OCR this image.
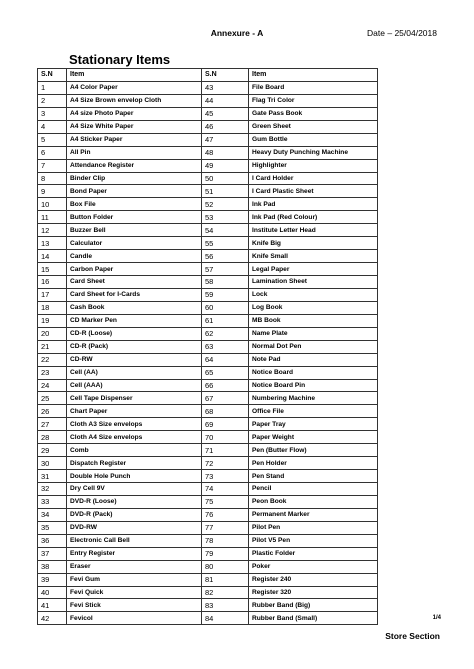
Annexure - A	Date – 25/04/2018
Stationary Items
S.N	Item	S.N	Item
1	A4 Color Paper	43	File Board
2	A4 Size Brown envelop Cloth	44	Flag Tri Color
3	A4 size Photo Paper	45	Gate Pass Book
4	A4 Size White Paper	46	Green Sheet
5	A4 Sticker Paper	47	Gum Bottle
6	All Pin	48	Heavy Duty Punching Machine
7	Attendance Register	49	Highlighter
8	Binder Clip	50	I Card Holder
9	Bond Paper	51	I Card Plastic Sheet
10	Box File	52	Ink Pad
11	Button Folder	53	Ink Pad (Red Colour)
12	Buzzer Bell	54	Institute Letter Head
13	Calculator	55	Knife Big
14	Candle	56	Knife Small
15	Carbon Paper	57	Legal Paper
16	Card Sheet	58	Lamination Sheet
17	Card Sheet for I-Cards	59	Lock
18	Cash Book	60	Log Book
19	CD Marker Pen	61	MB Book
20	CD-R (Loose)	62	Name Plate
21	CD-R (Pack)	63	Normal Dot Pen
22	CD-RW	64	Note Pad
23	Cell (AA)	65	Notice Board
24	Cell (AAA)	66	Notice Board Pin
25	Cell Tape Dispenser	67	Numbering Machine
26	Chart Paper	68	Office File
27	Cloth A3 Size envelops	69	Paper Tray
28	Cloth A4 Size envelops	70	Paper Weight
29	Comb	71	Pen (Butter Flow)
30	Dispatch Register	72	Pen Holder
31	Double Hole Punch	73	Pen Stand
32	Dry Cell 9V	74	Pencil
33	DVD-R (Loose)	75	Peon Book
34	DVD-R (Pack)	76	Permanent Marker
35	DVD-RW	77	Pilot Pen
36	Electronic Call Bell	78	Pilot V5 Pen
37	Entry Register	79	Plastic Folder
38	Eraser	80	Poker
39	Fevi Gum	81	Register 240
40	Fevi Quick	82	Register 320
41	Fevi Stick	83	Rubber Band (Big)
42	Fevicol	84	Rubber Band (Small)	1/4
Store Section
